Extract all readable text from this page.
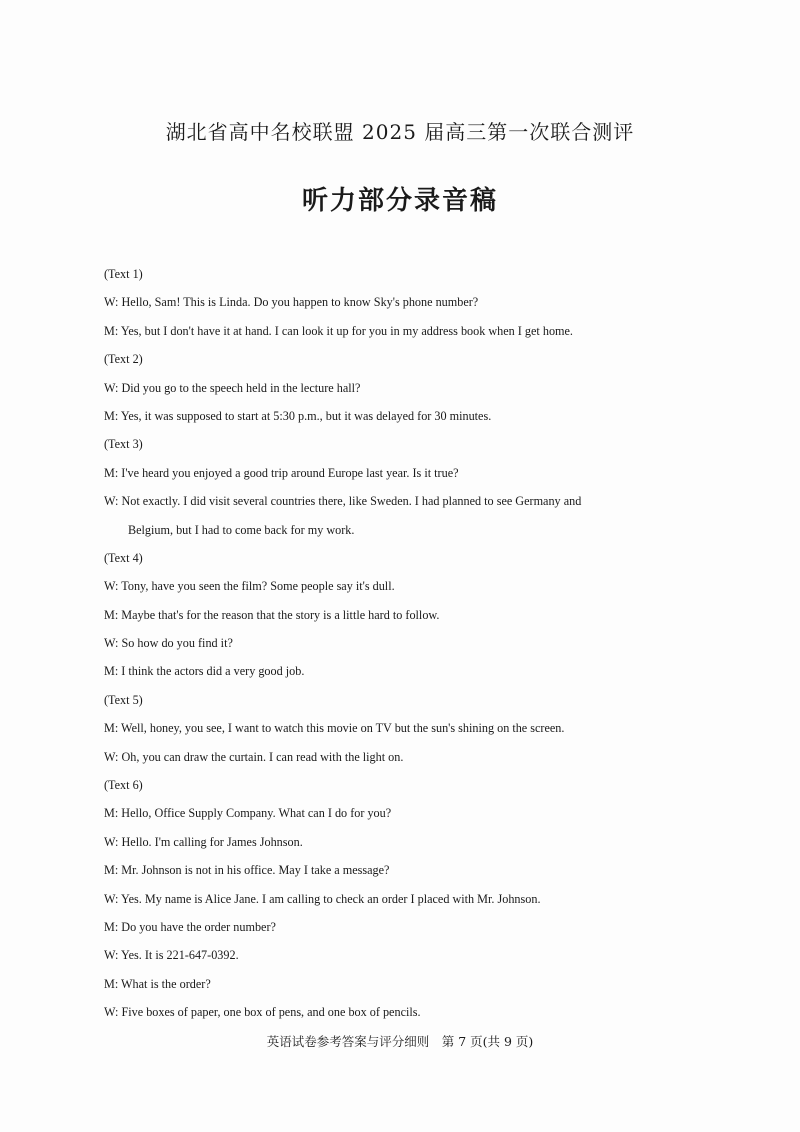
湖北省高中名校联盟 2025 届高三第一次联合测评
听力部分录音稿
(Text 1)
W: Hello, Sam! This is Linda. Do you happen to know Sky's phone number?
M: Yes, but I don't have it at hand. I can look it up for you in my address book when I get home.
(Text 2)
W: Did you go to the speech held in the lecture hall?
M: Yes, it was supposed to start at 5:30 p.m., but it was delayed for 30 minutes.
(Text 3)
M: I've heard you enjoyed a good trip around Europe last year. Is it true?
W: Not exactly. I did visit several countries there, like Sweden. I had planned to see Germany and
Belgium, but I had to come back for my work.
(Text 4)
W: Tony, have you seen the film? Some people say it's dull.
M: Maybe that's for the reason that the story is a little hard to follow.
W: So how do you find it?
M: I think the actors did a very good job.
(Text 5)
M: Well, honey, you see, I want to watch this movie on TV but the sun's shining on the screen.
W: Oh, you can draw the curtain. I can read with the light on.
(Text 6)
M: Hello, Office Supply Company. What can I do for you?
W: Hello. I'm calling for James Johnson.
M: Mr. Johnson is not in his office. May I take a message?
W: Yes. My name is Alice Jane. I am calling to check an order I placed with Mr. Johnson.
M: Do you have the order number?
W: Yes. It is 221-647-0392.
M: What is the order?
W: Five boxes of paper, one box of pens, and one box of pencils.
英语试卷参考答案与评分细则　第 7 页(共 9 页)
